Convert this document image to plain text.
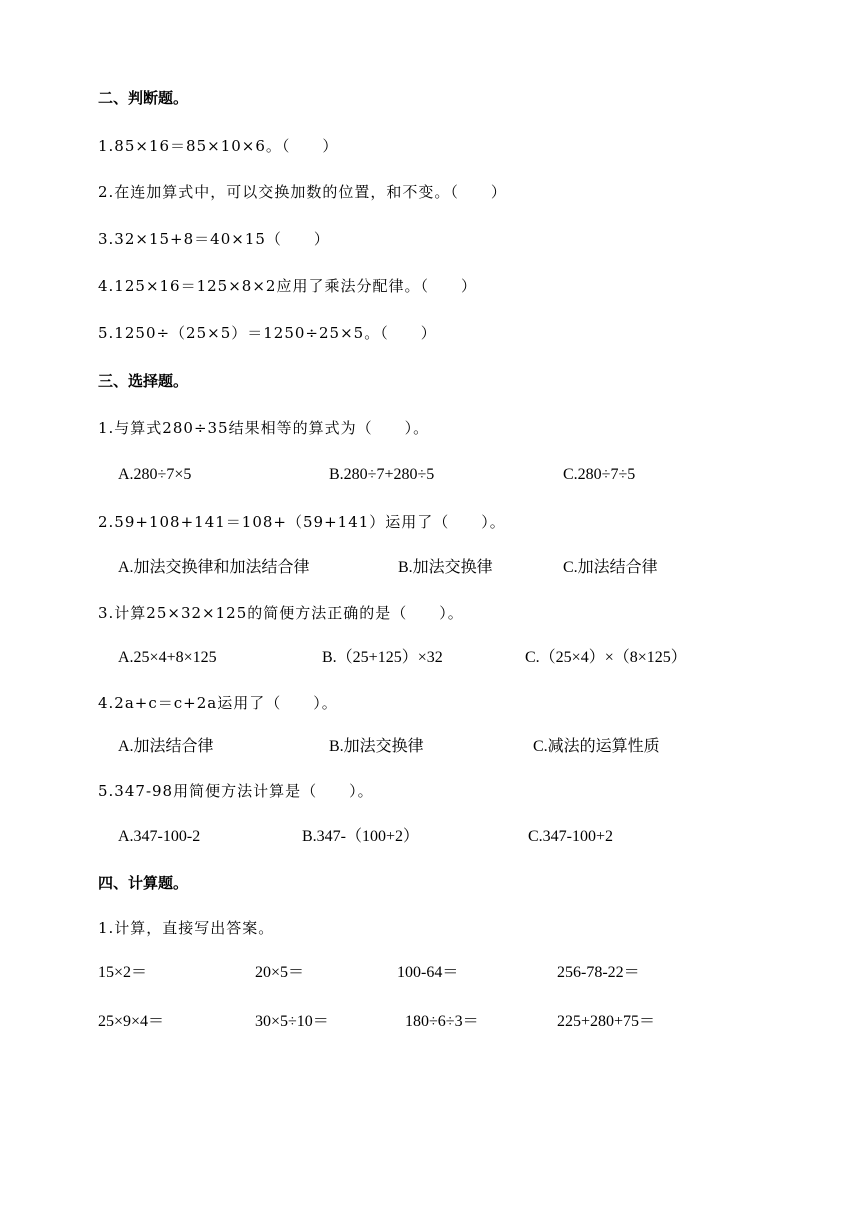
二、判断题。
1.85×16＝85×10×6。（　　）
2.在连加算式中，可以交换加数的位置，和不变。（　　）
3.32×15+8＝40×15（　　）
4.125×16＝125×8×2应用了乘法分配律。（　　）
5.1250÷（25×5）＝1250÷25×5。（　　）
三、选择题。
1.与算式280÷35结果相等的算式为（　　）。
A.280÷7×5	B.280÷7+280÷5	C.280÷7÷5
2.59+108+141＝108+（59+141）运用了（　　）。
A.加法交换律和加法结合律	B.加法交换律	C.加法结合律
3.计算25×32×125的简便方法正确的是（　　）。
A.25×4+8×125	B.（25+125）×32	C.（25×4）×（8×125）
4.2a+c＝c+2a运用了（　　）。
A.加法结合律	B.加法交换律	C.减法的运算性质
5.347-98用简便方法计算是（　　）。
A.347-100-2	B.347-（100+2）	C.347-100+2
四、计算题。
1.计算，直接写出答案。
15×2＝	20×5＝	100-64＝	256-78-22＝
25×9×4＝	30×5÷10＝	180÷6÷3＝	225+280+75＝
